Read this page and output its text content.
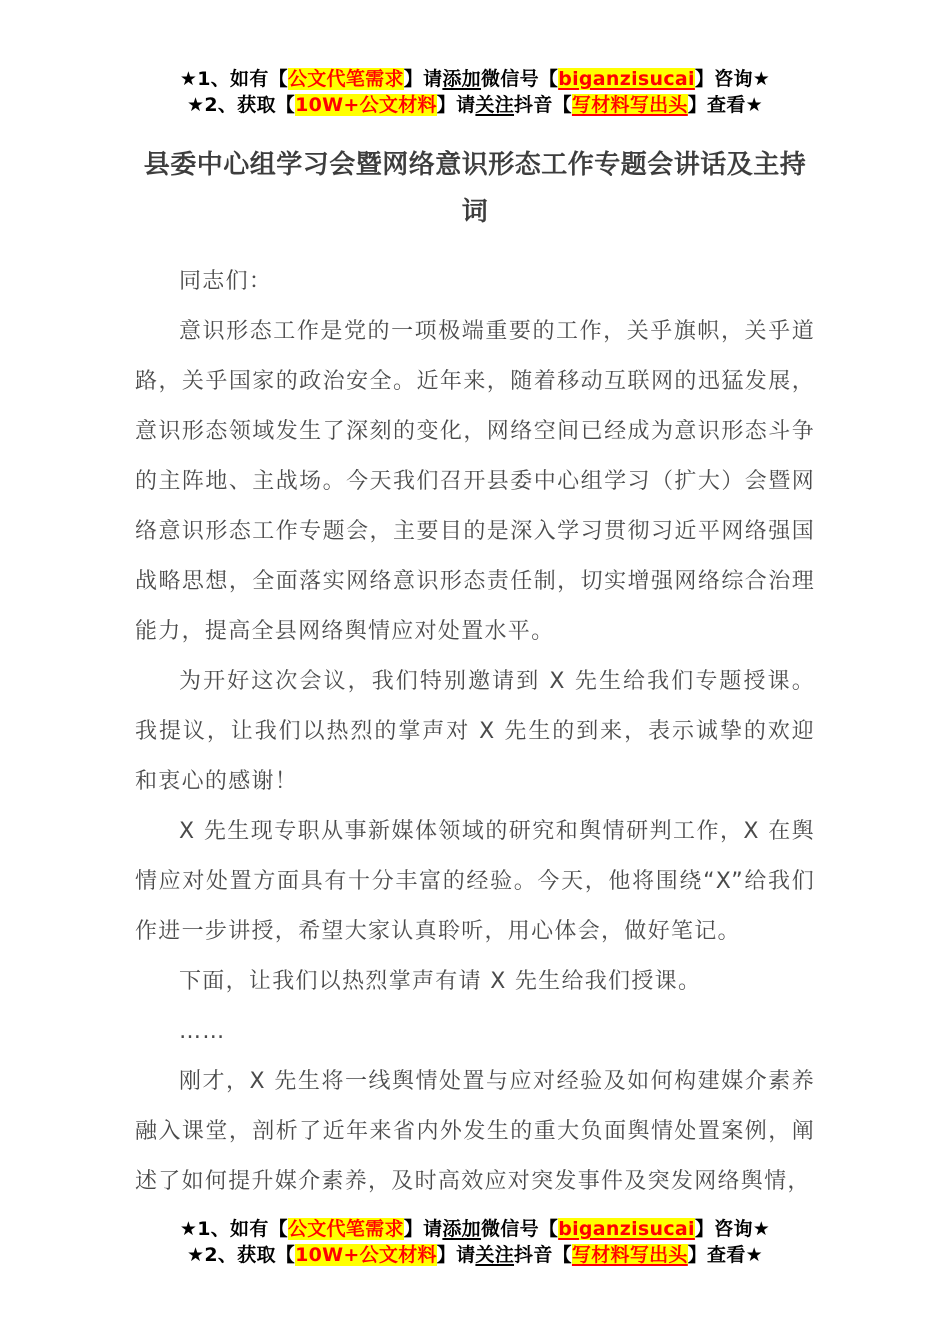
★1、如有【公文代笔需求】请添加微信号【biganzisucai】咨询★
★2、获取【10W+公文材料】请关注抖音【写材料写出头】查看★
县委中心组学习会暨网络意识形态工作专题会讲话及主持词

同志们：

意识形态工作是党的一项极端重要的工作，关乎旗帜，关乎道路，关乎国家的政治安全。近年来，随着移动互联网的迅猛发展，意识形态领域发生了深刻的变化，网络空间已经成为意识形态斗争的主阵地、主战场。今天我们召开县委中心组学习（扩大）会暨网络意识形态工作专题会，主要目的是深入学习贯彻习近平网络强国战略思想，全面落实网络意识形态责任制，切实增强网络综合治理能力，提高全县网络舆情应对处置水平。

为开好这次会议，我们特别邀请到 X 先生给我们专题授课。我提议，让我们以热烈的掌声对 X 先生的到来，表示诚挚的欢迎和衷心的感谢！

X 先生现专职从事新媒体领域的研究和舆情研判工作，X 在舆情应对处置方面具有十分丰富的经验。今天，他将围绕“X”给我们作进一步讲授，希望大家认真聆听，用心体会，做好笔记。

下面，让我们以热烈掌声有请 X 先生给我们授课。

……

刚才，X 先生将一线舆情处置与应对经验及如何构建媒介素养融入课堂，剖析了近年来省内外发生的重大负面舆情处置案例，阐述了如何提升媒介素养，及时高效应对突发事件及突发网络舆情，

★1、如有【公文代笔需求】请添加微信号【biganzisucai】咨询★
★2、获取【10W+公文材料】请关注抖音【写材料写出头】查看★
